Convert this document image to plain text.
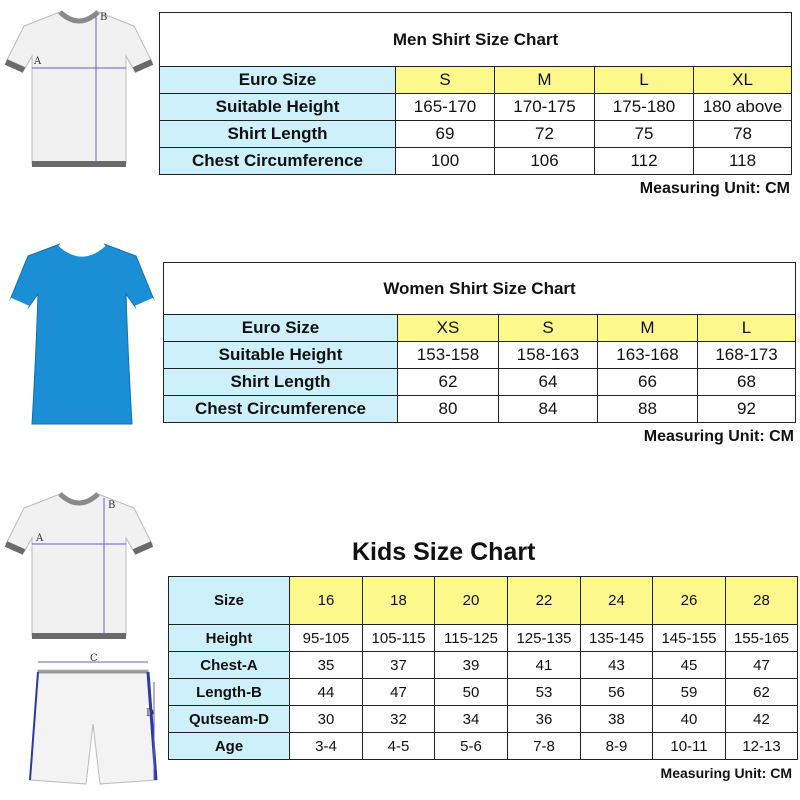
A
B
Men Shirt Size Chart				
Euro Size	S	M	L	XL
Suitable Height	165-170	170-175	175-180	180 above
Shirt Length	69	72	75	78
Chest Circumference	100	106	112	118
Measuring Unit: CM
Women Shirt Size Chart				
Euro Size	XS	S	M	L
Suitable Height	153-158	158-163	163-168	168-173
Shirt Length	62	64	66	68
Chest Circumference	80	84	88	92
Measuring Unit: CM
A
B
C
D
Kids Size Chart
Size	16	18	20	22	24	26	28
Height	95-105	105-115	115-125	125-135	135-145	145-155	155-165
Chest-A	35	37	39	41	43	45	47
Length-B	44	47	50	53	56	59	62
Qutseam-D	30	32	34	36	38	40	42
Age	3-4	4-5	5-6	7-8	8-9	10-11	12-13
Measuring Unit: CM
